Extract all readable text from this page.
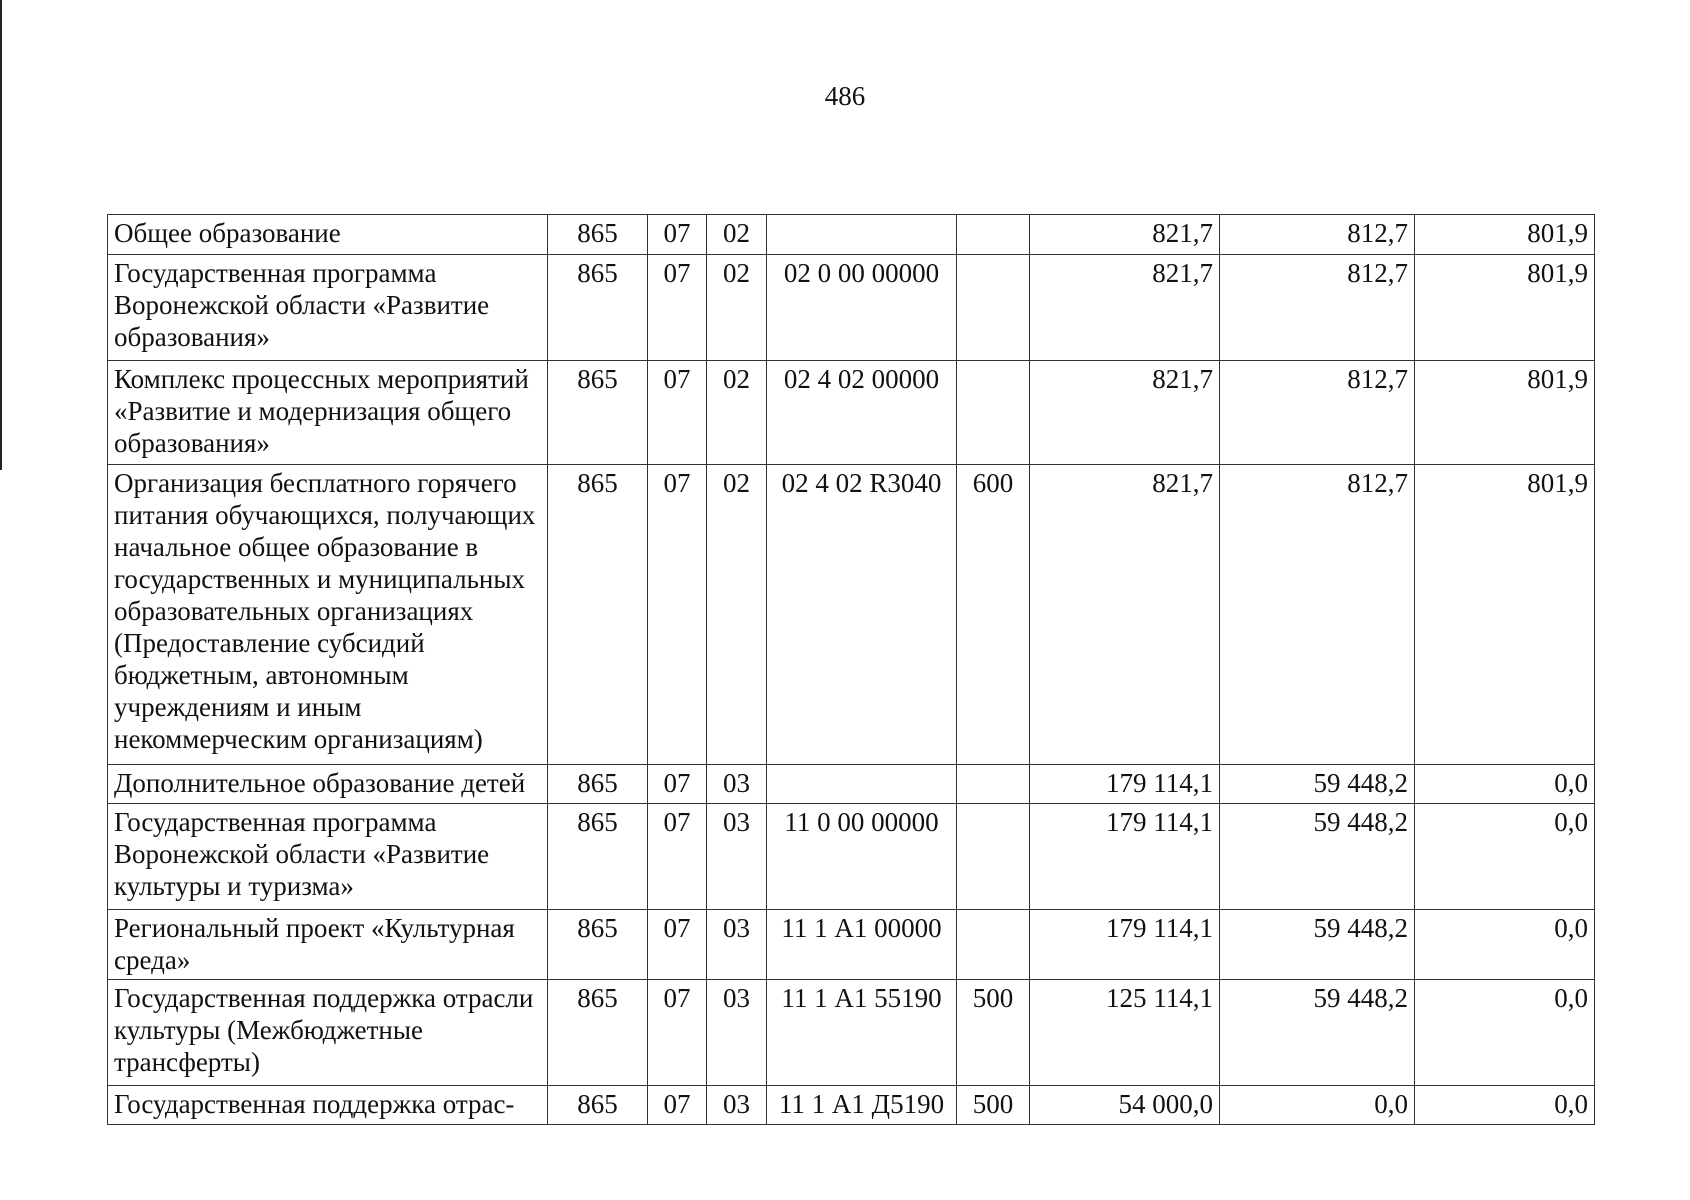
486
Общее образование	865	07	02			821,7	812,7	801,9
Государственная программа Воронежской области «Развитие образования»	865	07	02	02 0 00 00000		821,7	812,7	801,9
Комплекс процессных мероприятий «Развитие и модернизация общего образования»	865	07	02	02 4 02 00000		821,7	812,7	801,9
Организация бесплатного горячего питания обучающихся, получающих начальное общее образование в государственных и муниципальных образовательных организациях (Предоставление субсидий бюджетным, автономным учреждениям и иным некоммерческим организациям)	865	07	02	02 4 02 R3040	600	821,7	812,7	801,9
Дополнительное образование детей	865	07	03			179 114,1	59 448,2	0,0
Государственная программа Воронежской области «Развитие культуры и туризма»	865	07	03	11 0 00 00000		179 114,1	59 448,2	0,0
Региональный проект «Культурная среда»	865	07	03	11 1 А1 00000		179 114,1	59 448,2	0,0
Государственная поддержка отрасли культуры (Межбюджетные трансферты)	865	07	03	11 1 А1 55190	500	125 114,1	59 448,2	0,0
Государственная поддержка отрас-	865	07	03	11 1 А1 Д5190	500	54 000,0	0,0	0,0
